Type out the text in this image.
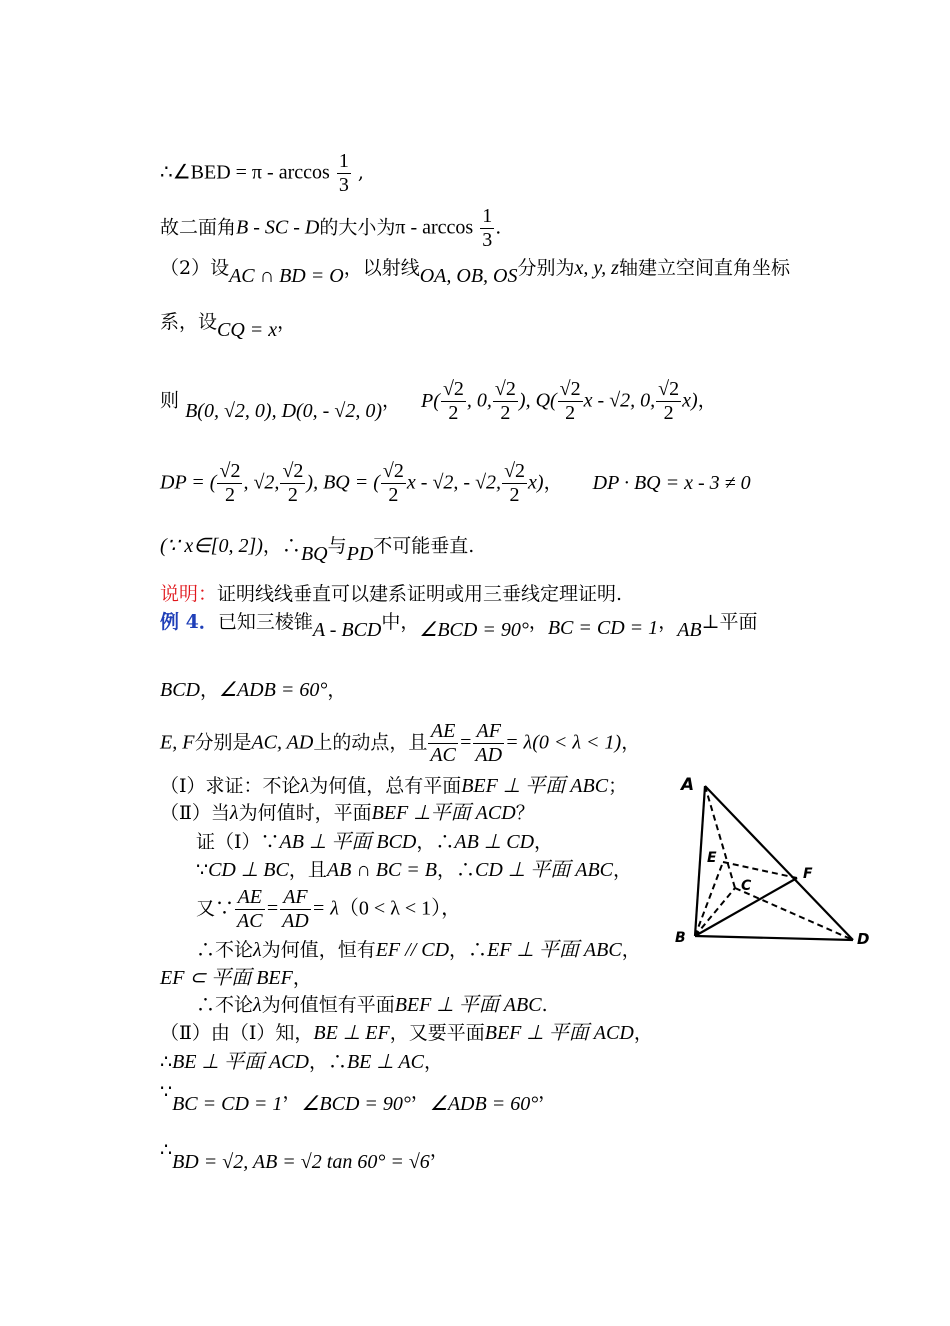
∴∠BED = π - $\arccos \frac{1}{3}$ ,
故二面角B - SC - D的大小为π - $\arccos \frac{1}{3}$ .
（2）设AC ∩ BD = O，以射线OA, OB, OS分别为x, y, z轴建立空间直角坐标
系，设CQ = x，
则 B(0, √2, 0), D(0, - √2, 0)， $P( \frac{√2}{2}$ , 0, $\frac{√2}{2}$ ), $Q( \frac{√2}{2}$ x - √2, 0, $\frac{√2}{2} x$)，
DP = ( $\frac{√2}{2}$ , √2, $\frac{√2}{2}$ ), BQ = ( $\frac{√2}{2}$ x - √2, - √2, $\frac{√2}{2} x$)， DP · BQ = x - 3 ≠ 0
(∵ x∈[0, 2])，∴BQ与PD不可能垂直.
说明：证明线线垂直可以建系证明或用三垂线定理证明.
例 4．已知三棱锥A - BCD中，∠BCD = 90°，BC = CD = 1，AB⊥平面
BCD，∠ADB = 60°，
E, F分别是AC, AD上的动点，且 $\frac{AE}{AC} = \frac{AF}{AD} = \lambda(0 < \lambda < 1)$，
（Ⅰ）求证：不论λ为何值，总有平面BEF ⊥ 平面 ABC；
（Ⅱ）当λ为何值时，平面BEF ⊥平面 ACD？
证（Ⅰ）∵AB ⊥ 平面 BCD，∴AB ⊥ CD，
∵CD ⊥ BC，且AB ∩ BC = B，∴CD ⊥ 平面 ABC，
又∵ $\frac{AE}{AC} = \frac{AF}{AD} = \lambda(0 < \lambda < 1)$，
∴不论λ为何值，恒有EF // CD，∴EF ⊥ 平面 ABC，
EF ⊂ 平面 BEF，
∴不论λ为何值恒有平面BEF ⊥ 平面 ABC.
（Ⅱ）由（Ⅰ）知，BE ⊥ EF，又要平面BEF ⊥ 平面 ACD，
∴BE ⊥ 平面 ACD，∴BE ⊥ AC，
∵BC = CD = 1，∠BCD = 90°，∠ADB = 60°，
∴BD = √2, AB = √2 tan 60° = √6，
A
B
C
D
E
F
